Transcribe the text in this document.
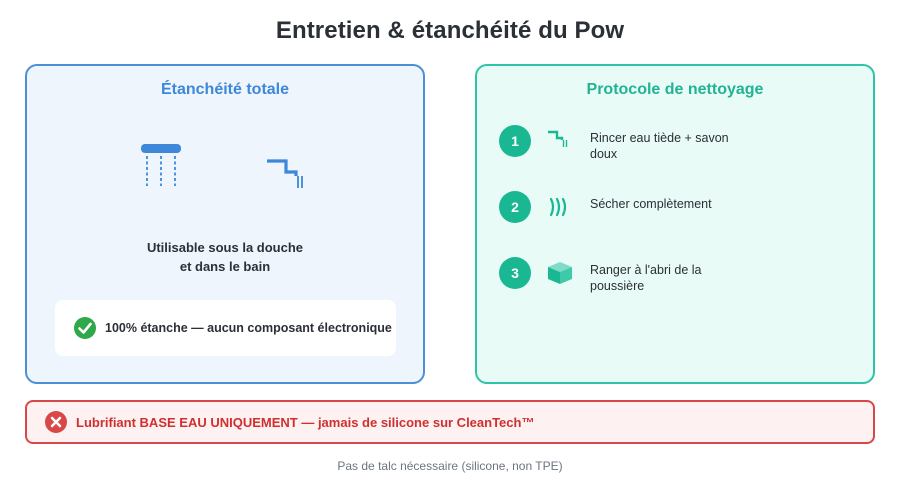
Entretien & étanchéité du Pow
Étanchéité totale
Utilisable sous la douche
et dans le bain
100% étanche — aucun composant électronique
Protocole de nettoyage
1	Rincer eau tiède + savon doux
2	Sécher complètement
3	Ranger à l'abri de la poussière
Lubrifiant BASE EAU UNIQUEMENT — jamais de silicone sur CleanTech™
Pas de talc nécessaire (silicone, non TPE)
